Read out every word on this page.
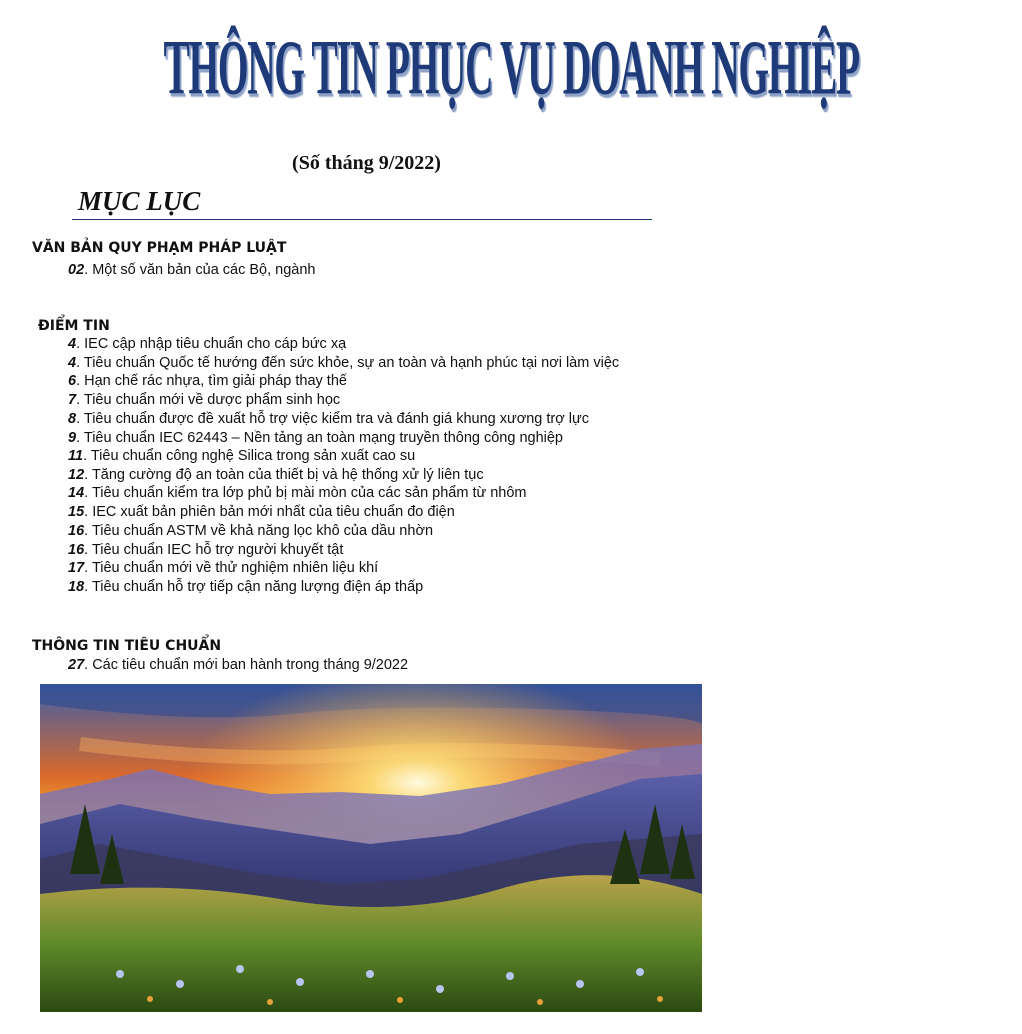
THÔNG TIN PHỤC VỤ DOANH NGHIỆP
(Số tháng 9/2022)
MỤC LỤC
VĂN BẢN QUY PHẠM PHÁP LUẬT
02. Một số văn bản của các Bộ, ngành
ĐIỂM TIN
4. IEC cập nhập tiêu chuẩn cho cáp bức xạ
4. Tiêu chuẩn Quốc tế hướng đến sức khỏe, sự an toàn và hạnh phúc tại nơi làm việc
6. Hạn chế rác nhựa, tìm giải pháp thay thế
7. Tiêu chuẩn mới về dược phẩm sinh học
8. Tiêu chuẩn được đề xuất hỗ trợ việc kiểm tra và đánh giá khung xương trợ lực
9. Tiêu chuẩn IEC 62443 – Nền tảng an toàn mạng truyền thông công nghiệp
11. Tiêu chuẩn công nghệ Silica trong sản xuất cao su
12. Tăng cường độ an toàn của thiết bị và hệ thống xử lý liên tục
14. Tiêu chuẩn kiểm tra lớp phủ bị mài mòn của các sản phẩm từ nhôm
15. IEC xuất bản phiên bản mới nhất của tiêu chuẩn đo điện
16. Tiêu chuẩn ASTM về khả năng lọc khô của dầu nhờn
16. Tiêu chuẩn IEC hỗ trợ người khuyết tật
17. Tiêu chuẩn mới về thử nghiệm nhiên liệu khí
18. Tiêu chuẩn hỗ trợ tiếp cận năng lượng điện áp thấp
THÔNG TIN TIÊU CHUẨN
27. Các tiêu chuẩn mới ban hành trong tháng 9/2022
